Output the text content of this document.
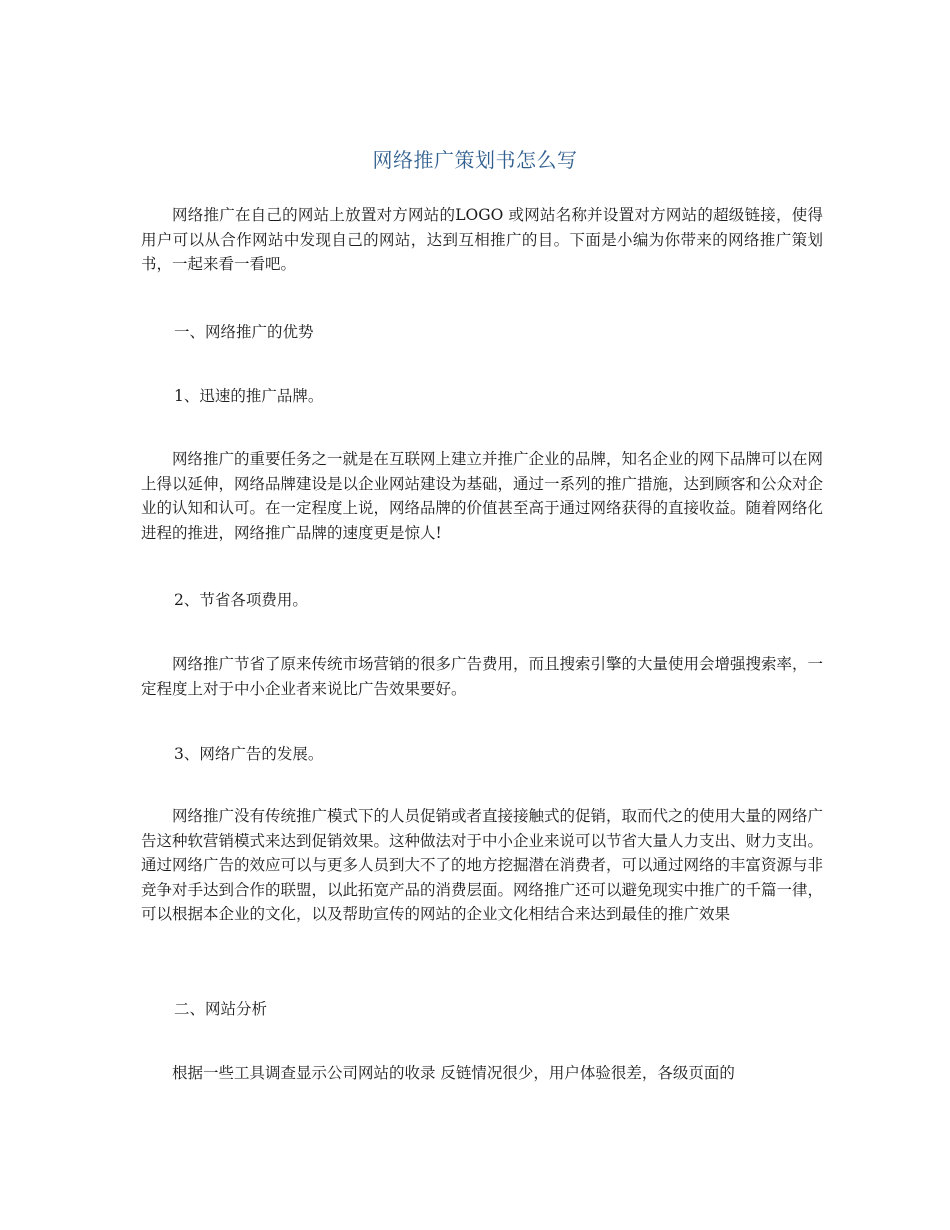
网络推广策划书怎么写

网络推广在自己的网站上放置对方网站的LOGO 或网站名称并设置对方网站的超级链接，使得用户可以从合作网站中发现自己的网站，达到互相推广的目。下面是小编为你带来的网络推广策划书，一起来看一看吧。

一、网络推广的优势
1、迅速的推广品牌。

网络推广的重要任务之一就是在互联网上建立并推广企业的品牌，知名企业的网下品牌可以在网上得以延伸，网络品牌建设是以企业网站建设为基础，通过一系列的推广措施，达到顾客和公众对企业的认知和认可。在一定程度上说，网络品牌的价值甚至高于通过网络获得的直接收益。随着网络化进程的推进，网络推广品牌的速度更是惊人!

2、节省各项费用。

网络推广节省了原来传统市场营销的很多广告费用，而且搜索引擎的大量使用会增强搜索率，一定程度上对于中小企业者来说比广告效果要好。

3、网络广告的发展。

网络推广没有传统推广模式下的人员促销或者直接接触式的促销，取而代之的使用大量的网络广告这种软营销模式来达到促销效果。这种做法对于中小企业来说可以节省大量人力支出、财力支出。通过网络广告的效应可以与更多人员到大不了的地方挖掘潜在消费者，可以通过网络的丰富资源与非竞争对手达到合作的联盟，以此拓宽产品的消费层面。网络推广还可以避免现实中推广的千篇一律，可以根据本企业的文化，以及帮助宣传的网站的企业文化相结合来达到最佳的推广效果

二、网站分析

根据一些工具调查显示公司网站的收录 反链情况很少，用户体验很差，各级页面的
